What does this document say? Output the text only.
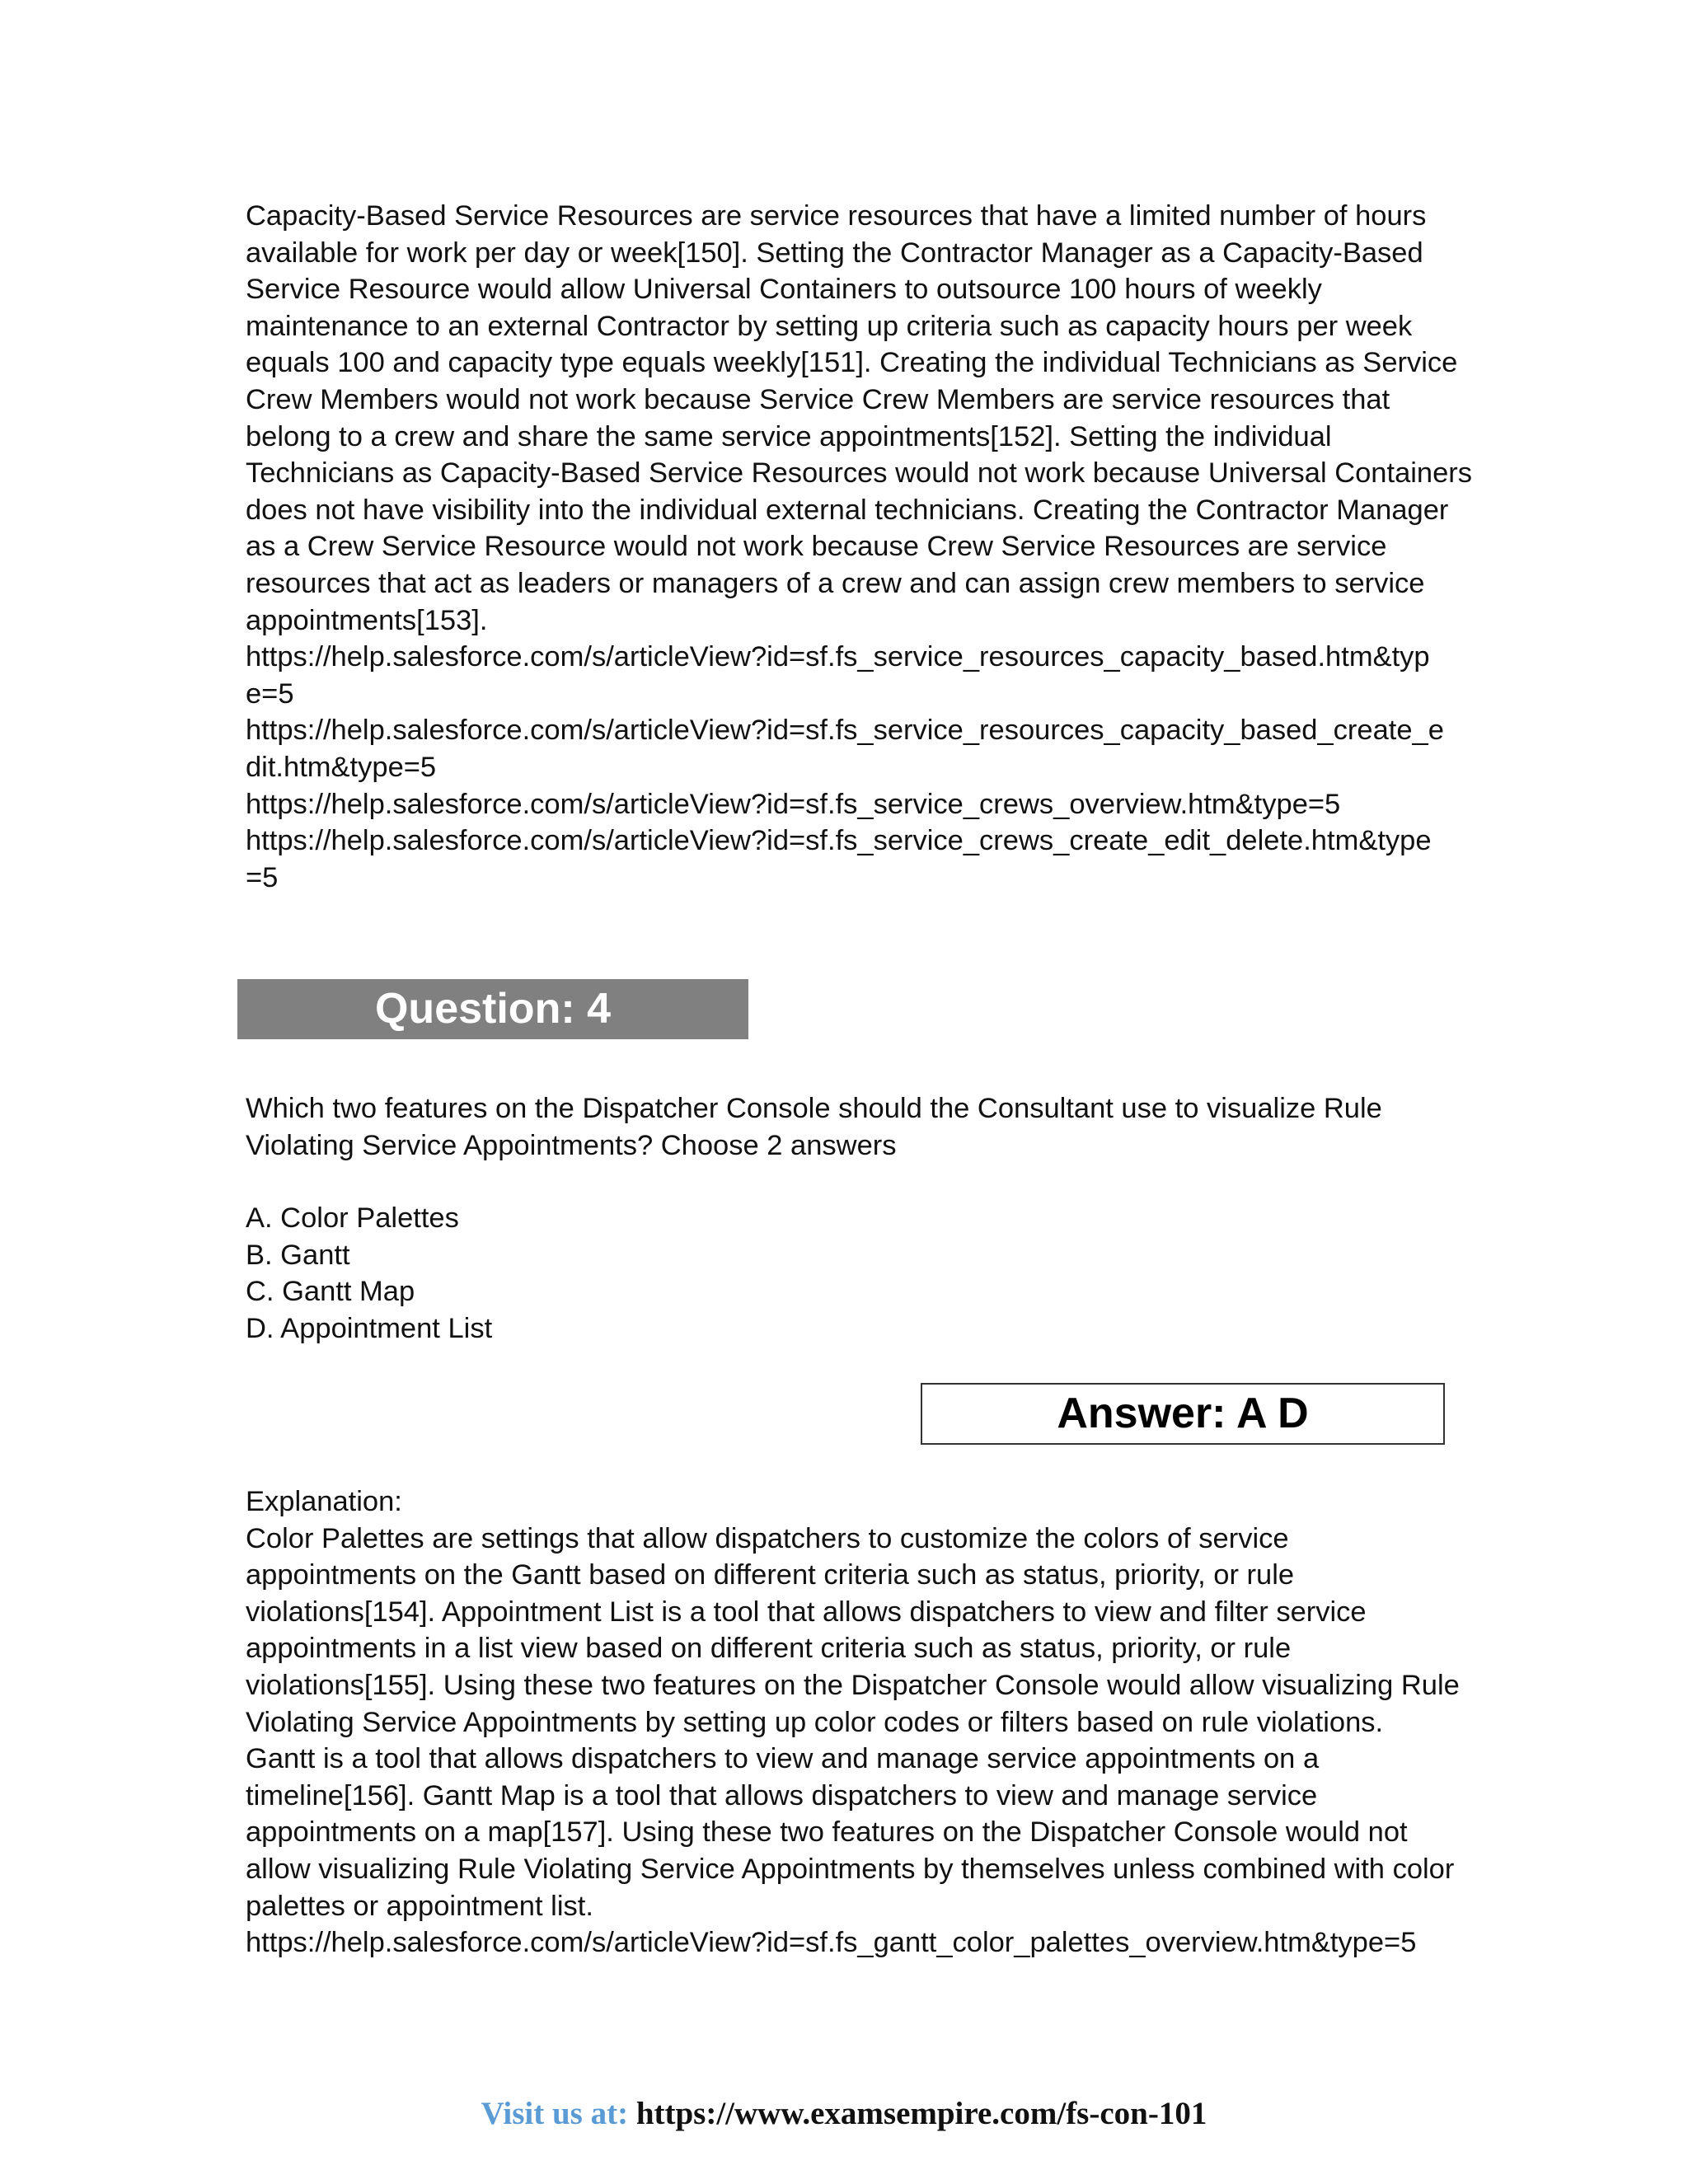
Capacity-Based Service Resources are service resources that have a limited number of hours
available for work per day or week[150]. Setting the Contractor Manager as a Capacity-Based
Service Resource would allow Universal Containers to outsource 100 hours of weekly
maintenance to an external Contractor by setting up criteria such as capacity hours per week
equals 100 and capacity type equals weekly[151]. Creating the individual Technicians as Service
Crew Members would not work because Service Crew Members are service resources that
belong to a crew and share the same service appointments[152]. Setting the individual
Technicians as Capacity-Based Service Resources would not work because Universal Containers
does not have visibility into the individual external technicians. Creating the Contractor Manager
as a Crew Service Resource would not work because Crew Service Resources are service
resources that act as leaders or managers of a crew and can assign crew members to service
appointments[153].
https://help.salesforce.com/s/articleView?id=sf.fs_service_resources_capacity_based.htm&typ
e=5
https://help.salesforce.com/s/articleView?id=sf.fs_service_resources_capacity_based_create_e
dit.htm&type=5
https://help.salesforce.com/s/articleView?id=sf.fs_service_crews_overview.htm&type=5
https://help.salesforce.com/s/articleView?id=sf.fs_service_crews_create_edit_delete.htm&type
=5
Question: 4
Which two features on the Dispatcher Console should the Consultant use to visualize Rule
Violating Service Appointments? Choose 2 answers
A. Color Palettes
B. Gantt
C. Gantt Map
D. Appointment List
Answer: A D
Explanation:
Color Palettes are settings that allow dispatchers to customize the colors of service
appointments on the Gantt based on different criteria such as status, priority, or rule
violations[154]. Appointment List is a tool that allows dispatchers to view and filter service
appointments in a list view based on different criteria such as status, priority, or rule
violations[155]. Using these two features on the Dispatcher Console would allow visualizing Rule
Violating Service Appointments by setting up color codes or filters based on rule violations.
Gantt is a tool that allows dispatchers to view and manage service appointments on a
timeline[156]. Gantt Map is a tool that allows dispatchers to view and manage service
appointments on a map[157]. Using these two features on the Dispatcher Console would not
allow visualizing Rule Violating Service Appointments by themselves unless combined with color
palettes or appointment list.
https://help.salesforce.com/s/articleView?id=sf.fs_gantt_color_palettes_overview.htm&type=5
Visit us at: https://www.examsempire.com/fs-con-101
